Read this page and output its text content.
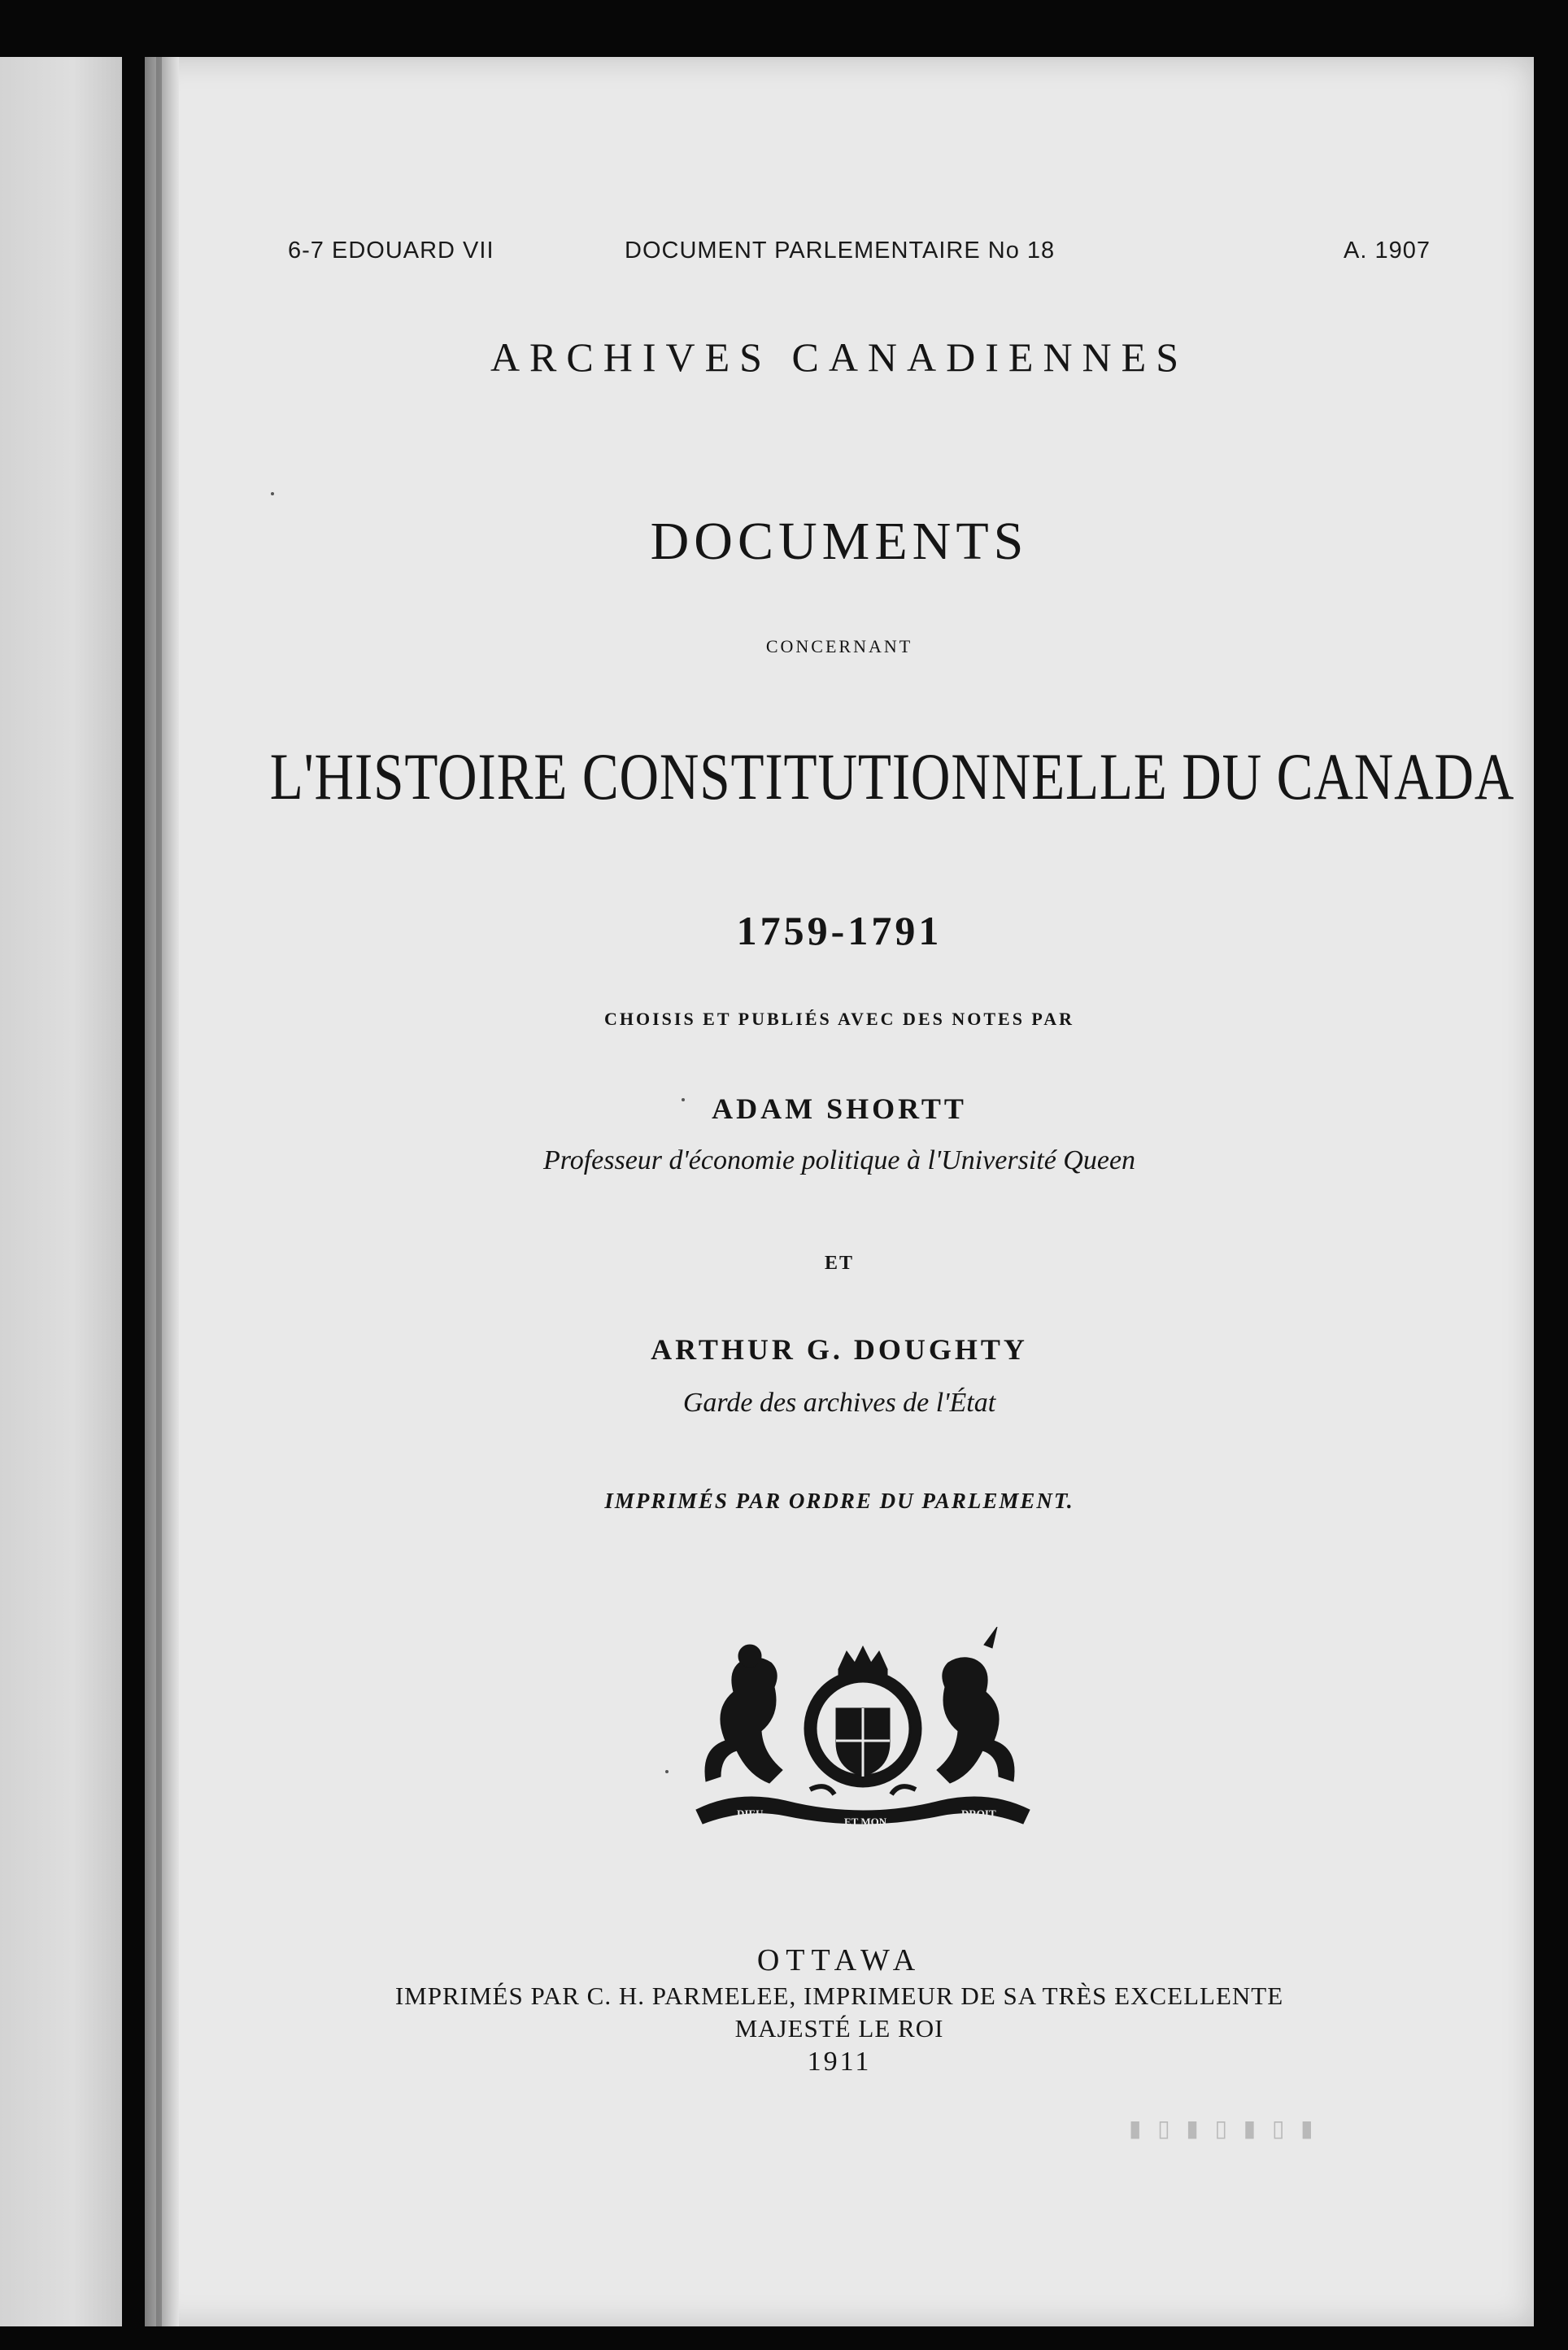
6-7 EDOUARD VII	DOCUMENT PARLEMENTAIRE No 18	A. 1907
ARCHIVES CANADIENNES
DOCUMENTS
CONCERNANT
L'HISTOIRE CONSTITUTIONNELLE DU CANADA
1759-1791
CHOISIS ET PUBLIÉS AVEC DES NOTES PAR
ADAM SHORTT
Professeur d'économie politique à l'Université Queen
ET
ARTHUR G. DOUGHTY
Garde des archives de l'État
IMPRIMÉS PAR ORDRE DU PARLEMENT.
DIEU
ET MON
DROIT
OTTAWA
IMPRIMÉS PAR C. H. PARMELEE, IMPRIMEUR DE SA TRÈS EXCELLENTE
MAJESTÉ LE ROI
1911
▮ ▯ ▮ ▯ ▮ ▯ ▮
